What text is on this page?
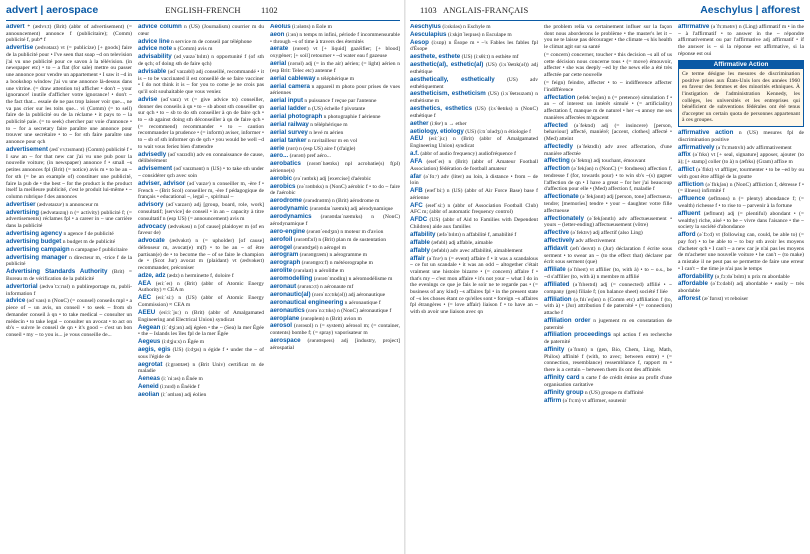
advert | aerospace	ENGLISH-FRENCH	1102	1103 ANGLAIS-FRANÇAIS	Aeschylus | afforest

advert * (ædvɜːt) (Brit) (abbr of advertisement) (= announcement) annonce f (publicitaire); (Comm) publicité f, pub* f

advertise (ædvətaɪz) vt (= publicize) [+ goods] faire de la publicité pour • I've seen that soap ~d on television j'ai vu une publicité pour ce savon à la télévision. (in newspaper etc) • to ~ a flat (for sale) mettre ou passer une annonce pour vendre un appartement • I saw it ~d in a bookshop window j'ai vu une annonce là-dessus dans une vitrine. (= draw attention to) afficher • don't ~ your ignorance! inutile d'afficher votre ignorance! • don't ~ the fact that... essaie de ne pas trop laisser voir que..., ne va pas crier sur les toits que... vi (Comm) (= to sell) faire de la publicité ou de la réclame • it pays to ~ la publicité paie. (= to seek) chercher par voie d'annonce • to ~ for a secretary faire paraître une annonce pour trouver une secrétaire • to ~ for sth faire paraître une annonce pour qch

advertisement(ædˈvɜːtɪsmənt) (Comm) publicité f • I saw an ~ for that new car j'ai vu une pub pour la nouvelle voiture; (in newspaper) annonce f • small ~s petites annonces fpl (Brit) (= notice) avis m • to be an ~ for sth (= be an example of) constituer une publicité, faire la pub de • the best ~ for the product is the product itself la meilleure publicité, c'est le produit lui-même • ~ column rubrique f des annonces

advertiser(ædvətaɪzəʳ) n annonceur m

advertising (ædvətaɪzɪŋ) n (= activity) publicité f; (= advertisements) réclames fpl • a career in ~ une carrière dans la publicité

advertising agencyn agence f de publicité

advertising budgetn budget m de publicité

advertising campaignn campagne f publicitaire

advertising manager n directeur m, -trice f de la publicité

Advertising Standards Authority (Brit) = Bureau m de vérification de la publicité

advertorial (ædvəˈtɔːrɪəl) n publireportage m, publi-information f

advice(ədˈvaɪs) n (NonC) (= counsel) conseils mpl • a piece of ~ un avis, un conseil • to seek ~ from sb demander conseil à qn • to take medical ~ consulter un médecin • to take legal ~ consulter un avocat • to act on sb's ~ suivre le conseil de qn • it's good ~ c'est un bon conseil • my ~ to you is... je vous conseille de...

advice column n (US) (Journalism) courrier m du cœur

advice linen service m de conseil par téléphone

advice noten (Comm) avis m

advisability (ədˌvaɪzəˈbɪlɪtɪ) n opportunité f (of sth de qch; of doing sth de faire qch)

advisable (ədˈvaɪzəbl) adj conseillé, recommandé • it is ~ to be vaccinated il est conseillé de se faire vacciner • I do not think it is ~ for you to come je ne crois pas qu'il soit souhaitable que vous veniez

advise (ədˈvaɪz) vt (= give advice to) conseiller, donner des conseils à qn • to ~ sb about sth conseiller qn sur qch • to ~ sb to do sth conseiller à qn de faire qch • to ~ sb against doing sth déconseiller à qn de faire qch • (= recommend) recommander • to ~ caution recommander la prudence • (= inform) aviser, informer • to ~ sb of sth informer qn de qch • you would be well ~d to wait vous feriez bien d'attendre

advisedly (ədˈvaɪzɪdlɪ) adv en connaissance de cause, délibérément

advisement (ədˈvaɪzmənt) n (US) • to take sth under ~ considérer qch avec soin

adviser, advisor (ədˈvaɪzəʳ) n conseiller m, -ère f • French ~ (Brit Scol) conseiller m, -ère f pédagogique de français • educational ~, legal ~, spiritual ~

advisory (ədˈvaɪzərɪ) adj [group, board, role, work] consultatif; [service] de conseil • in an ~ capacity à titre consultatif n (esp US) (= announcement) avis m

advocacy (ædvəkəsɪ) n [of cause] plaidoyer m (of en faveur de)

advocate (ædvəkɪt) n (= upholder) [of cause] défenseur m, avocat(e) m(f) • to be an ~ of être partisan(e) de • to become the ~ of se faire le champion de • (Scot Jur) avocat m (plaidant) vt (ædvəkeɪt) recommander, préconiser

adze, adz(ædz) n herminette f, doloire f

AEA (eɪiːˈeɪ) n (Brit) (abbr of Atomic Energy Authority) ≈ CEA m

AEC (eɪiːˈsiː) n (US) (abbr of Atomic Energy Commission) ≈ CEA m

AEEU (eɪiːiːˈjuː) n (Brit) (abbr of Amalgamated Engineering and Electrical Union) syndicat

Aegean(iːˈdʒiːən) adj égéen • the ~ (Sea) la mer Égée • the ~ Islands les îles fpl de la mer Égée

Aegeus(iːdʒjuːs) n Égée m

aegis, egis (US) (iːdʒɪs) n égide f • under the ~ of sous l'égide de

aegrotat (iːgrəʊtæt) n (Brit Univ) certificat m de maladie

Aeneas(iːˈniːəs) n Énée m

Aeneid(iːnɪɪd) n Énéide f

aeolian(iːˈəʊlɪən) adj éolien

Aeolus(iːələʊs) n Éole m

aeon(iːən) n temps m infini, période f incommensurable • through ~s of time à travers des éternités

aerate (ɛəreɪt) vt [+ liquid] gazéifier; [+ blood] oxygéner; [+ soil] retourner • ~d water eau f gazeuse

aerial (ɛərɪəl) adj (= in the air) aérien; (= light) aérien n (esp Brit: Telec etc) antenne f

aerial cablewayn téléphérique m

aerial camera n appareil m photo pour prises de vues aériennes

aerial inputn puissance f reçue par l'antenne

aerial laddern (US) échelle f pivotante

aerial photographn photographie f aérienne

aerial railwayn téléphérique m

aerial surveyn levé m aérien

aerial tankern ravitailleur m en vol

aerie(ɛərɪ) n (esp US) aire f (d'aigle)

aero...(ɛərəʊ) pref aéro...

aerobatics (ɛərəʊˈbætɪks) npl acrobatie(s) f(pl) aérienne(s)

aerobic(ɛəˈrəʊbɪk) adj [exercise] d'aérobic

aerobics(ɛəˈrəʊbɪks) n (NonC) aérobic f • to do ~ faire de l'aérobic

aerodrome(ɛərədrəʊm) n (Brit) aérodrome m

aerodynamic(ɛərəʊdaɪˈnæmɪk) adj aérodynamique

aerodynamics (ɛərəʊdaɪˈnæmɪks) n (NonC) aérodynamique f

aero-engine(ɛərəʊˈendʒɪn) n moteur m d'avion

aerofoil(ɛərəʊfɔɪl) n (Brit) plan m de sustentation

aerogel(ɛərəʊdʒel) n aérogel m

aerogram(ɛərəʊgræm) n aérogramme m

aerograph(ɛərəʊgrɑːf) n météorographe m

aerolite(ɛərəlaɪt) n aérolithe m

aeromodelling(ɛərəʊˈmɒdlɪŋ) n aéromodélisme m

aeronaut(ɛərənɔːt) n aéronaute mf

aeronautic(al)(ɛərəˈnɔːtɪk(əl)) adj aéronautique

aeronautical engineeringn aéronautique f

aeronautics(ɛərəˈnɔːtɪks) n (NonC) aéronautique f

aeroplane(ɛərəpleɪn) n (Brit) avion m

aerosol (ɛərəsɒl) n (= system) aérosol m; (= container, contents) bombe f; (= spray) vaporisateur m

aerospace (ɛərəʊspeɪs) adj [industry, project] aérospatial

Aeschylus(iːskɪləs) n Eschyle m

Aesculapius(iːskjʊˈleɪpɪəs) n Esculape m

Aesop (iːsɒp) n Ésope m • ~'s Fables les fables fpl d'Ésope

aesthete, esthete(US) (iːsθiːt) n esthète mf

aesthetic(al), esthetic(al) (US) (iːsˈθetɪk(əl)) adj esthétique

aesthetically, esthetically (US) adv esthétiquement

aestheticism, estheticism (US) (iːsˈθetɪsɪzəm) n esthétisme m

aesthetics, esthetics (US) (iːsˈθetɪks) n (NonC) esthétique f

aether(iːθəʳ) n → ether

aetiology, etiology(US) (iːtɪˈɒlədʒɪ) n étiologie f

AEU (eɪiːˈjuː) n (Brit) (abbr of Amalgamated Engineering Union) syndicat

a.f.(abbr of audio frequency) audiofréquence f

AFA (eɪefˈeɪ) n (Brit) (abbr of Amateur Football Association) fédération de football amateur

afar (əˈfɑːʳ) adv (liter) au loin, à distance • from ~ de loin

AFB (eɪefˈbiː) n (US) (abbr of Air Force Base) base f aérienne

AFC (eɪefˈsiː) n (abbr of Association Football Club) AFC m; (abbr of automatic frequency control)

AFDC (US) (abbr of Aid to Families with Dependent Children) aide aux familles

affability(æfəˈbɪlɪtɪ) n affabilité f, amabilité f

affable(æfəbl) adj affable, aimable

affably(æfəblɪ) adv avec affabilité, aimablement

affair (əˈfɛəʳ) n (= event) affaire f • it was a scandalous ~ ce fut un scandale • it was an odd ~ altogether c'était vraiment une histoire bizarre • (= concern) affaire f • that's my ~ c'est mon affaire • it's not your ~ what I do in the evenings ce que je fais le soir ne te regarde pas • (= business of any kind) ~s affaires fpl • in the present state of ~s les choses étant ce qu'elles sont • foreign ~s affaires fpl étrangères • (= love affair) liaison f • to have an ~ with sb avoir une liaison avec qn

the problem relia va certainement influer sur la façon dont nous aborderons le problème • the master's let it ~ you ne te laisse pas décourager • the climate ~s his health le climat agit sur sa santé

(= concern) concerner, toucher • this decision ~s all of us cette décision nous concerne tous • (= move) émouvoir, affecter • she was deeply ~ed by the news elle a été très affectée par cette nouvelle

(= feign) feindre, affecter • to ~ indifference affecter l'indifférence

affectation (æfekˈteɪʃən) n (= pretence) simulation f • an ~ of interest un intérêt simulé • (= artificiality) affectation f, manque m de naturel • her ~s annoy me ses manières affectées m'agacent

affected (əˈfektɪd) adj (= insincere) [person, behaviour] affecté, maniéré; [accent, clothes] affecté • (Med) atteint

affectedly (əˈfektɪdlɪ) adv avec affectation, d'une manière affectée

affecting(əˈfektɪŋ) adj touchant, émouvant

affection (əˈfekʃən) n (NonC) (= fondness) affection f, tendresse f (for, towards pour) • to win sb's ~(s) gagner l'affection de qn • I have a great ~ for her j'ai beaucoup d'affection pour elle • (Med) affection f, maladie f

affectionate(əˈfekʃənɪt) adj [person, tone] affectueux, tendre; [memories] tendre • your ~ daughter votre fille affectueuse

affectionately (əˈfekʃənɪtlɪ) adv affectueusement • yours ~ (letter-ending) affectueusement (vôtre)

affective(əˈfektɪv) adj affectif (also Ling)

affectivelyadv affectivement

affidavit (æfɪˈdeɪvɪt) n (Jur) déclaration f écrite sous serment • to swear an ~ (to the effect that) déclarer par écrit sous serment (que)

affiliate (əˈfɪlɪeɪt) vt affilier (to, with à) • to ~ o.s., be ~d s'affilier (to, with à) n membre m affilié

affiliated (əˈfɪlɪeɪtɪd) adj (= connected) affilié • ~ company (gen) filiale f; (on balance sheet) société f liée

affiliation (əˌfɪlɪˈeɪʃən) n (Comm etc) affiliation f (to, with à) • (Jur) attribution f de paternité • (= connection) attache f

affiliation order n jugement m en constatation de paternité

affiliation proceedings npl action f en recherche de paternité

affinity (əˈfɪnɪtɪ) n (gen, Bio, Chem, Ling, Math, Philos) affinité f (with, to avec; between entre) • (= connection, resemblance) ressemblance f, rapport m • there is a certain ~ between them ils ont des affinités

affinity card n carte f de crédit émise au profit d'une organisation caritative

affinity groupn (US) groupe m d'affinité

affirm(əˈfɜːm) vt affirmer, soutenir

affirmative (əˈfɜːmətɪv) n (Ling) affirmatif m • in the ~ à l'affirmatif • to answer in the ~ répondre affirmativement ou par l'affirmative adj affirmatif • if the answer is ~ si la réponse est affirmative, si la réponse est oui

Affirmative Action
Ce terme désigne les mesures de discrimination positive prises aux États-Unis lors des années 1960 en faveur des femmes et des minorités ethniques. À l'instigation de l'administration Kennedy, les collèges, les universités et les entreprises qui bénéficient de subventions fédérales ont été tenus d'accepter un certain quota de personnes appartenant à ces groupes.

affirmative action n (US) mesures fpl de discrimination positive

affirmatively(əˈfɜːmətɪvlɪ) adv affirmativement

affix (əˈfɪks) vt [+ seal, signature] apposer, ajouter (to à); [+ stamp] coller (to à) n (æfɪks) (Gram) affixe m

afflict (əˈflɪkt) vt affliger, tourmenter • to be ~ed by ou with gout être affligé de la goutte

affliction (əˈflɪkʃən) n (NonC) affliction f, détresse f • (= illness) infirmité f

affluence (æflʊəns) n (= plenty) abondance f; (= wealth) richesse f • to rise to ~ parvenir à la fortune

affluent (æflʊənt) adj (= plentiful) abondant • (= wealthy) riche, aisé • to be ~ vivre dans l'aisance • the ~ society la société d'abondance

afford (əˈfɔːd) vt (following can, could, be able to) (= pay for) • to be able to ~ to buy sth avoir les moyens d'acheter qch • I can't ~ a new car je n'ai pas les moyens de m'acheter une nouvelle voiture • he can't ~ (to make) a mistake il ne peut pas se permettre de faire une erreur • I can't ~ the time je n'ai pas le temps

affordability(əˌfɔːdəˈbɪlɪtɪ) n prix m abordable

affordable (əˈfɔːdəbl) adj abordable • easily ~ très abordable

afforest(æˈfɒrɪst) vt reboiser
